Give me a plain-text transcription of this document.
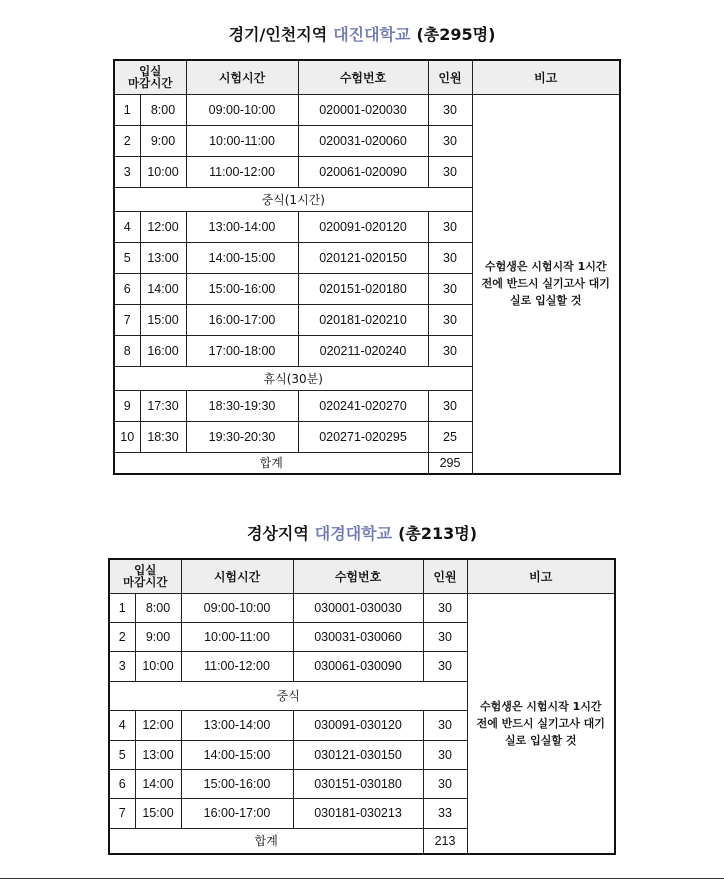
경기/인천지역 대진대학교 (총295명)
입실
마감시간		시험시간	수험번호	인원	비고
1	8:00	09:00-10:00	020001-020030	30	수험생은 시험시작 1시간 전에 반드시 실기고사 대기실로 입실할 것
2	9:00	10:00-11:00	020031-020060	30	
3	10:00	11:00-12:00	020061-020090	30	
중식(1시간)					
4	12:00	13:00-14:00	020091-020120	30	
5	13:00	14:00-15:00	020121-020150	30	
6	14:00	15:00-16:00	020151-020180	30	
7	15:00	16:00-17:00	020181-020210	30	
8	16:00	17:00-18:00	020211-020240	30	
휴식(30분)					
9	17:30	18:30-19:30	020241-020270	30	
10	18:30	19:30-20:30	020271-020295	25	
합계				295	
경상지역 대경대학교 (총213명)
입실
마감시간		시험시간	수험번호	인원	비고
1	8:00	09:00-10:00	030001-030030	30	수험생은 시험시작 1시간 전에 반드시 실기고사 대기실로 입실할 것
2	9:00	10:00-11:00	030031-030060	30	
3	10:00	11:00-12:00	030061-030090	30	
중식					
4	12:00	13:00-14:00	030091-030120	30	
5	13:00	14:00-15:00	030121-030150	30	
6	14:00	15:00-16:00	030151-030180	30	
7	15:00	16:00-17:00	030181-030213	33	
합계				213	
